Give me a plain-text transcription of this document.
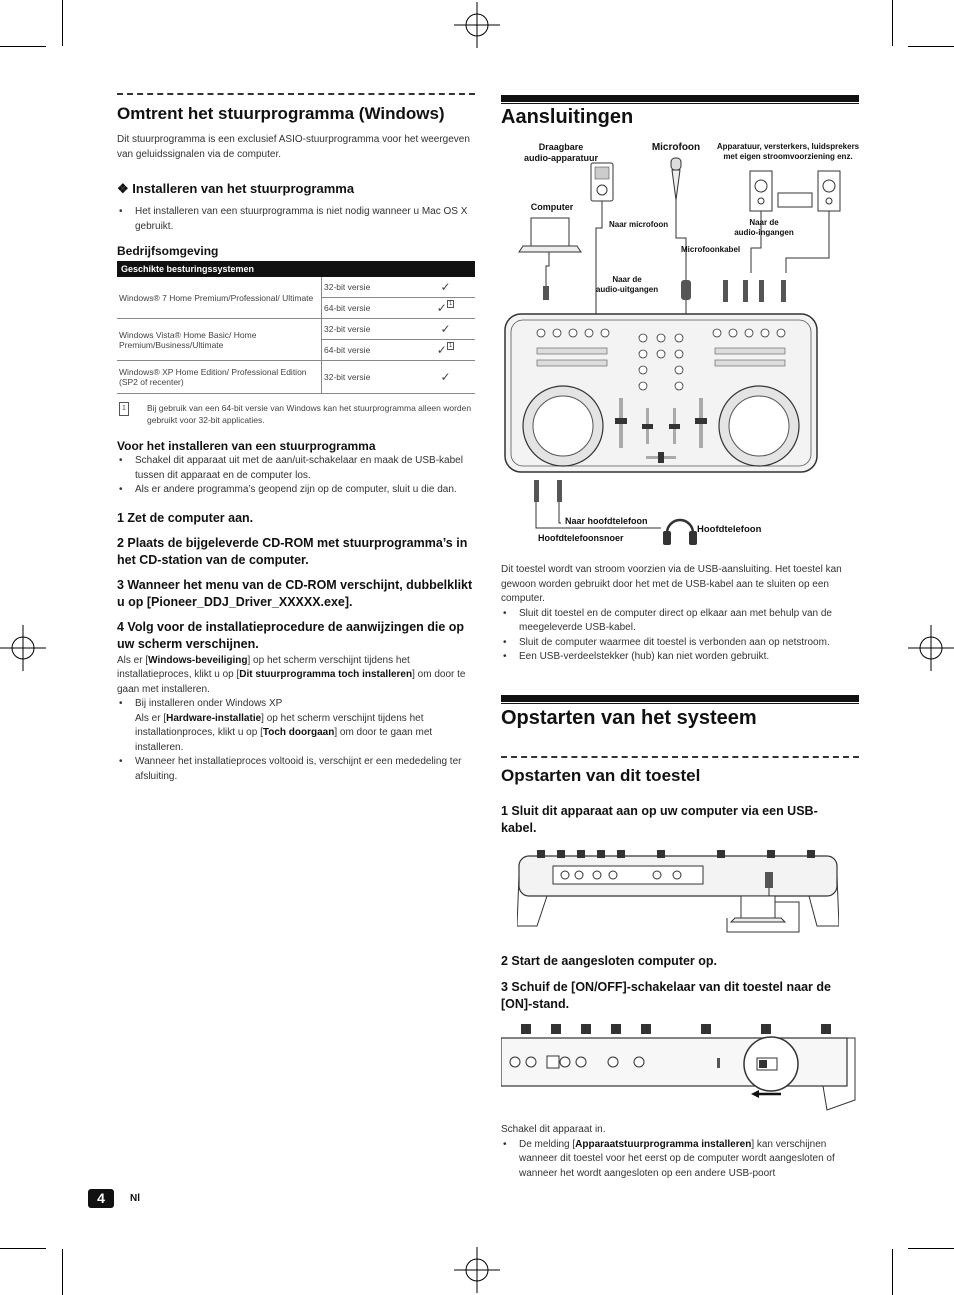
Omtrent het stuurprogramma (Windows)
Dit stuurprogramma is een exclusief ASIO-stuurprogramma voor het weergeven van geluidssignalen via de computer.
❖ Installeren van het stuurprogramma
• Het installeren van een stuurprogramma is niet nodig wanneer u Mac OS X gebruikt.
Bedrijfsomgeving
Geschikte besturingssystemen		
Windows® 7 Home Premium/Professional/ Ultimate	32-bit versie	✓
	64-bit versie	✓ $^1$
Windows Vista® Home Basic/ Home Premium/Business/Ultimate	32-bit versie	✓
	64-bit versie	✓ $^1$
Windows® XP Home Edition/ Professional Edition (SP2 of recenter)	32-bit versie	✓
1	Bij gebruik van een 64-bit versie van Windows kan het stuurprogramma alleen worden gebruikt voor 32-bit applicaties.
Voor het installeren van een stuurprogramma
• Schakel dit apparaat uit met de aan/uit-schakelaar en maak de USB-kabel tussen dit apparaat en de computer los.
• Als er andere programma’s geopend zijn op de computer, sluit u die dan.
1 Zet de computer aan.
2 Plaats de bijgeleverde CD-ROM met stuurprogramma’s in het CD-station van de computer.
3 Wanneer het menu van de CD-ROM verschijnt, dubbelklikt u op [Pioneer_DDJ_Driver_XXXXX.exe].
4 Volg voor de installatieprocedure de aanwijzingen die op uw scherm verschijnen.
Als er [Windows-beveiliging] op het scherm verschijnt tijdens het installatieproces, klikt u op [Dit stuurprogramma toch installeren] om door te gaan met installeren.
• Bij installeren onder Windows XP
Als er [Hardware-installatie] op het scherm verschijnt tijdens het installationproces, klikt u op [Toch doorgaan] om door te gaan met installeren.
• Wanneer het installatieproces voltooid is, verschijnt er een mededeling ter afsluiting.
Aansluitingen
Draagbare
audio-apparatuur
Microfoon	Apparatuur, versterkers, luidsprekers
met eigen stroomvoorziening enz.
Computer
Naar microfoon	Naar de
audio-ingangen
Microfoonkabel
Naar de
audio-uitgangen
Naar hoofdtelefoon
Hoofdtelefoon
Hoofdtelefoonsnoer
Dit toestel wordt van stroom voorzien via de USB-aansluiting. Het toestel kan gewoon worden gebruikt door het met de USB-kabel aan te sluiten op een computer.
• Sluit dit toestel en de computer direct op elkaar aan met behulp van de meegeleverde USB-kabel.
• Sluit de computer waarmee dit toestel is verbonden aan op netstroom.
• Een USB-verdeelstekker (hub) kan niet worden gebruikt.
Opstarten van het systeem
Opstarten van dit toestel
1 Sluit dit apparaat aan op uw computer via een USB-kabel.
2 Start de aangesloten computer op.
3 Schuif de [ON/OFF]-schakelaar van dit toestel naar de [ON]-stand.
Schakel dit apparaat in.
• De melding [Apparaatstuurprogramma installeren] kan verschijnen wanneer dit toestel voor het eerst op de computer wordt aangesloten of wanneer het wordt aangesloten op een andere USB-poort
4	Nl
